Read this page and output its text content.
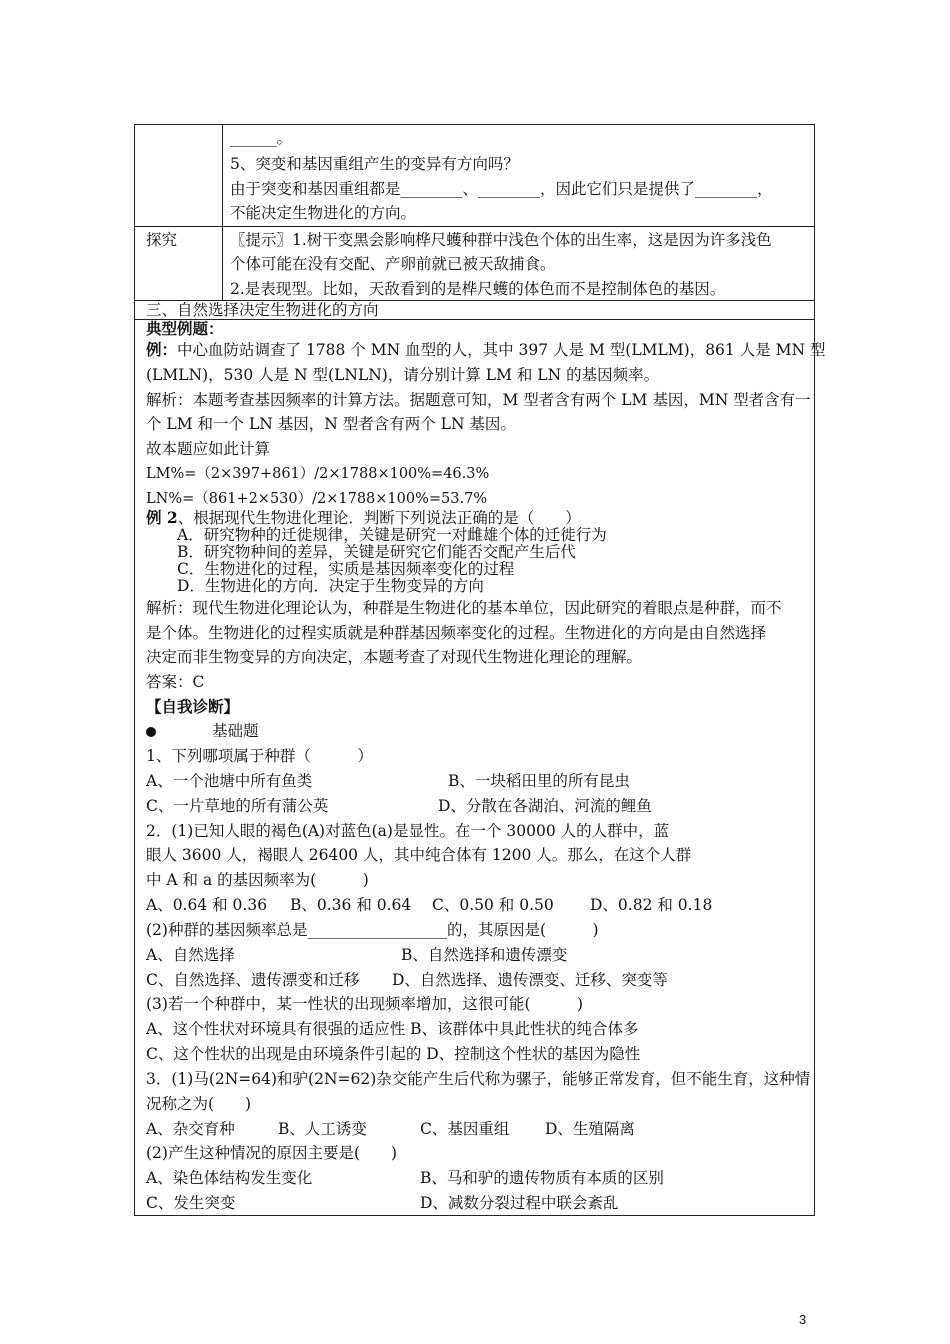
______。
5、突变和基因重组产生的变异有方向吗？
由于突变和基因重组都是________、________，因此它们只是提供了________，
不能决定生物进化的方向。
探究	〖提示〗1.树干变黑会影响桦尺蠖种群中浅色个体的出生率，这是因为许多浅色
个体可能在没有交配、产卵前就已被天敌捕食。
2.是表现型。比如，天敌看到的是桦尺蠖的体色而不是控制体色的基因。
三、自然选择决定生物进化的方向
典型例题：
例：中心血防站调查了 1788 个 MN 血型的人，其中 397 人是 M 型(LMLM)，861 人是 MN 型
(LMLN)，530 人是 N 型(LNLN)，请分别计算 LM 和 LN 的基因频率。
解析：本题考查基因频率的计算方法。据题意可知，M 型者含有两个 LM 基因，MN 型者含有一
个 LM 和一个 LN 基因，N 型者含有两个 LN 基因。
故本题应如此计算
LM%=（2×397+861）/2×1788×100%=46.3%
LN%=（861+2×530）/2×1788×100%=53.7%
例 2、根据现代生物进化理论．判断下列说法正确的是（　　）
A．研究物种的迁徙规律，关键是研究一对雌雄个体的迁徙行为
B．研究物种间的差异，关键是研究它们能否交配产生后代
C．生物进化的过程，实质是基因频率变化的过程
D．生物进化的方向．决定于生物变异的方向
解析：现代生物进化理论认为，种群是生物进化的基本单位，因此研究的着眼点是种群，而不
是个体。生物进化的过程实质就是种群基因频率变化的过程。生物进化的方向是由自然选择
决定而非生物变异的方向决定，本题考查了对现代生物进化理论的理解。
答案：C
【自我诊断】
基础题
1、下列哪项属于种群（　　　）
A、一个池塘中所有鱼类	B、一块稻田里的所有昆虫
C、一片草地的所有蒲公英	D、分散在各湖泊、河流的鲤鱼
2．(1)已知人眼的褐色(A)对蓝色(a)是显性。在一个 30000 人的人群中，蓝
眼人 3600 人，褐眼人 26400 人，其中纯合体有 1200 人。那么，在这个人群
中 A 和 a 的基因频率为(　　　)
A、0.64 和 0.36 B、0.36 和 0.64 C、0.50 和 0.50 D、0.82 和 0.18
(2)种群的基因频率总是__________________的，其原因是(　　　)
A、自然选择	B、自然选择和遗传漂变
C、自然选择、遗传漂变和迁移 D、自然选择、遗传漂变、迁移、突变等
(3)若一个种群中，某一性状的出现频率增加，这很可能(　　　)
A、这个性状对环境具有很强的适应性 B、该群体中具此性状的纯合体多
C、这个性状的出现是由环境条件引起的 D、控制这个性状的基因为隐性
3．(1)马(2N=64)和驴(2N=62)杂交能产生后代称为骡子，能够正常发育，但不能生育，这种情
况称之为(　　)
A、杂交育种	B、人工诱变	C、基因重组 D、生殖隔离
(2)产生这种情况的原因主要是(　　)
A、染色体结构发生变化	B、马和驴的遗传物质有本质的区别
C、发生突变	D、减数分裂过程中联会紊乱
3
